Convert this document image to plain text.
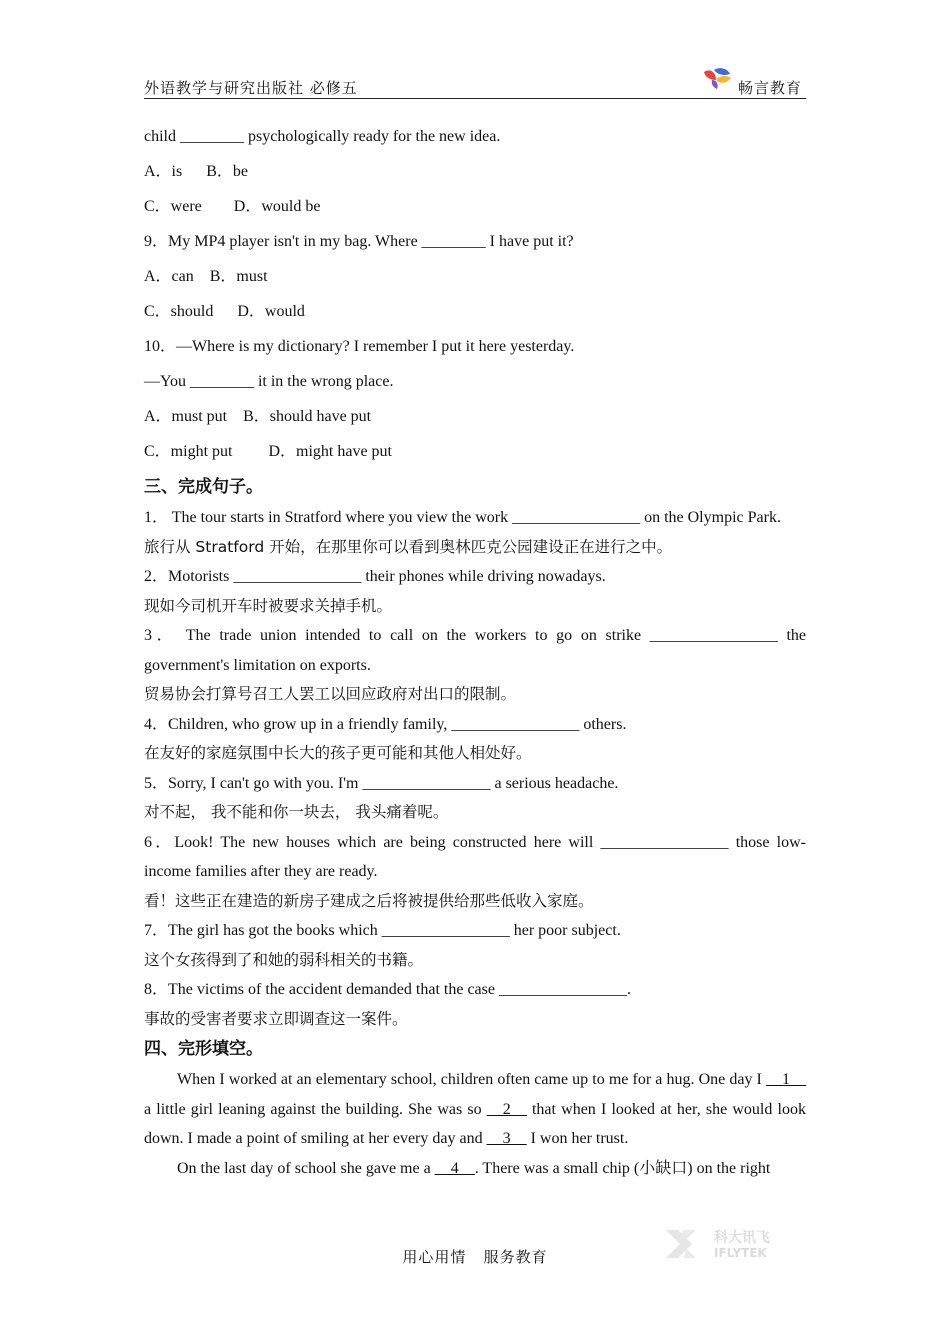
外语教学与研究出版社 必修五	畅言教育
child ________ psychologically ready for the new idea.
A．is      B．be
C．were        D．would be
9．My MP4 player isn't in my bag. Where ________ I have put it?
A．can    B．must
C．should      D．would
10．—Where is my dictionary? I remember I put it here yesterday.
—You ________ it in the wrong place.
A．must put    B．should have put
C．might put         D．might have put
三、完成句子。
1． The tour starts in Stratford where you view the work ________________ on the Olympic Park.
旅行从 Stratford 开始，在那里你可以看到奥林匹克公园建设正在进行之中。
2．Motorists ________________ their phones while driving nowadays.
现如今司机开车时被要求关掉手机。
3． The trade union intended to call on the workers to go on strike ________________ the government's limitation on exports.
贸易协会打算号召工人罢工以回应政府对出口的限制。
4．Children, who grow up in a friendly family, ________________ others.
在友好的家庭氛围中长大的孩子更可能和其他人相处好。
5．Sorry, I can't go with you. I'm ________________ a serious headache.
对不起， 我不能和你一块去， 我头痛着呢。
6．Look! The new houses which are being constructed here will ________________ those low-income families after they are ready.
看！这些正在建造的新房子建成之后将被提供给那些低收入家庭。
7．The girl has got the books which ________________ her poor subject.
这个女孩得到了和她的弱科相关的书籍。
8．The victims of the accident demanded that the case ________________.
事故的受害者要求立即调查这一案件。
四、完形填空。
When I worked at an elementary school, children often came up to me for a hug. One day I __1__ a little girl leaning against the building. She was so __2__ that when I looked at her, she would look down. I made a point of smiling at her every day and __3__ I won her trust.
On the last day of school she gave me a __4__. There was a small chip (小缺口) on the right
用心用情   服务教育
科大讯飞
IFLYTEK
